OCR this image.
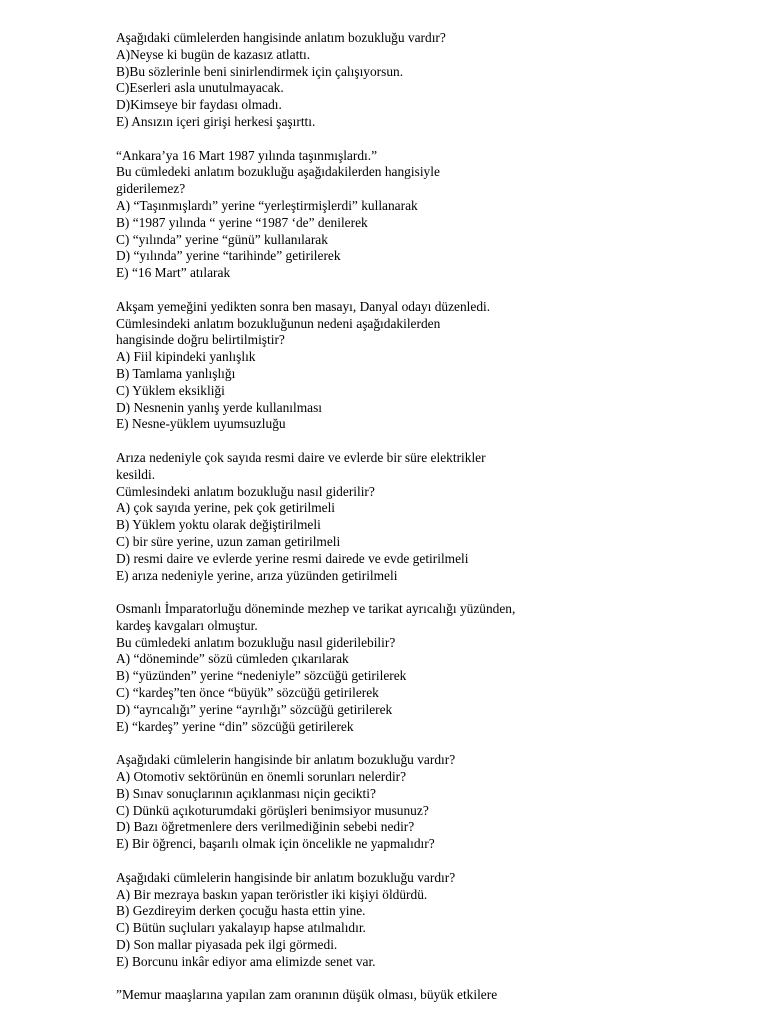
Aşağıdaki cümlelerden hangisinde anlatım bozukluğu vardır?
A)Neyse ki bugün de kazasız atlattı.
B)Bu sözlerinle beni sinirlendirmek için çalışıyorsun.
C)Eserleri asla unutulmayacak.
D)Kimseye bir faydası olmadı.
E) Ansızın içeri girişi herkesi şaşırttı.
“Ankara’ya 16 Mart 1987 yılında taşınmışlardı.”
Bu cümledeki anlatım bozukluğu aşağıdakilerden hangisiyle
giderilemez?
A) “Taşınmışlardı” yerine “yerleştirmişlerdi” kullanarak
B) “1987 yılında “ yerine “1987 ‘de” denilerek
C) “yılında” yerine “günü” kullanılarak
D) “yılında” yerine “tarihinde” getirilerek
E) “16 Mart” atılarak
Akşam yemeğini yedikten sonra ben masayı, Danyal odayı düzenledi.
Cümlesindeki anlatım bozukluğunun nedeni aşağıdakilerden
hangisinde doğru belirtilmiştir?
A) Fiil kipindeki yanlışlık
B) Tamlama yanlışlığı
C) Yüklem eksikliği
D) Nesnenin yanlış yerde kullanılması
E) Nesne-yüklem uyumsuzluğu
Arıza nedeniyle çok sayıda resmi daire ve evlerde bir süre elektrikler
kesildi.
Cümlesindeki anlatım bozukluğu nasıl giderilir?
A) çok sayıda yerine, pek çok getirilmeli
B) Yüklem yoktu olarak değiştirilmeli
C) bir süre yerine, uzun zaman getirilmeli
D) resmi daire ve evlerde yerine resmi dairede ve evde getirilmeli
E) arıza nedeniyle yerine, arıza yüzünden getirilmeli
Osmanlı İmparatorluğu döneminde mezhep ve tarikat ayrıcalığı yüzünden,
kardeş kavgaları olmuştur.
Bu cümledeki anlatım bozukluğu nasıl giderilebilir?
A) “döneminde” sözü cümleden çıkarılarak
B) “yüzünden” yerine “nedeniyle” sözcüğü getirilerek
C) “kardeş”ten önce “büyük” sözcüğü getirilerek
D) “ayrıcalığı” yerine “ayrılığı” sözcüğü getirilerek
E) “kardeş” yerine “din” sözcüğü getirilerek
Aşağıdaki cümlelerin hangisinde bir anlatım bozukluğu vardır?
A) Otomotiv sektörünün en önemli sorunları nelerdir?
B) Sınav sonuçlarının açıklanması niçin gecikti?
C) Dünkü açıkoturumdaki görüşleri benimsiyor musunuz?
D) Bazı öğretmenlere ders verilmediğinin sebebi nedir?
E) Bir öğrenci, başarılı olmak için öncelikle ne yapmalıdır?
Aşağıdaki cümlelerin hangisinde bir anlatım bozukluğu vardır?
A) Bir mezraya baskın yapan teröristler iki kişiyi öldürdü.
B) Gezdireyim derken çocuğu hasta ettin yine.
C) Bütün suçluları yakalayıp hapse atılmalıdır.
D) Son mallar piyasada pek ilgi görmedi.
E) Borcunu inkâr ediyor ama elimizde senet var.
”Memur maaşlarına yapılan zam oranının düşük olması, büyük etkilere
